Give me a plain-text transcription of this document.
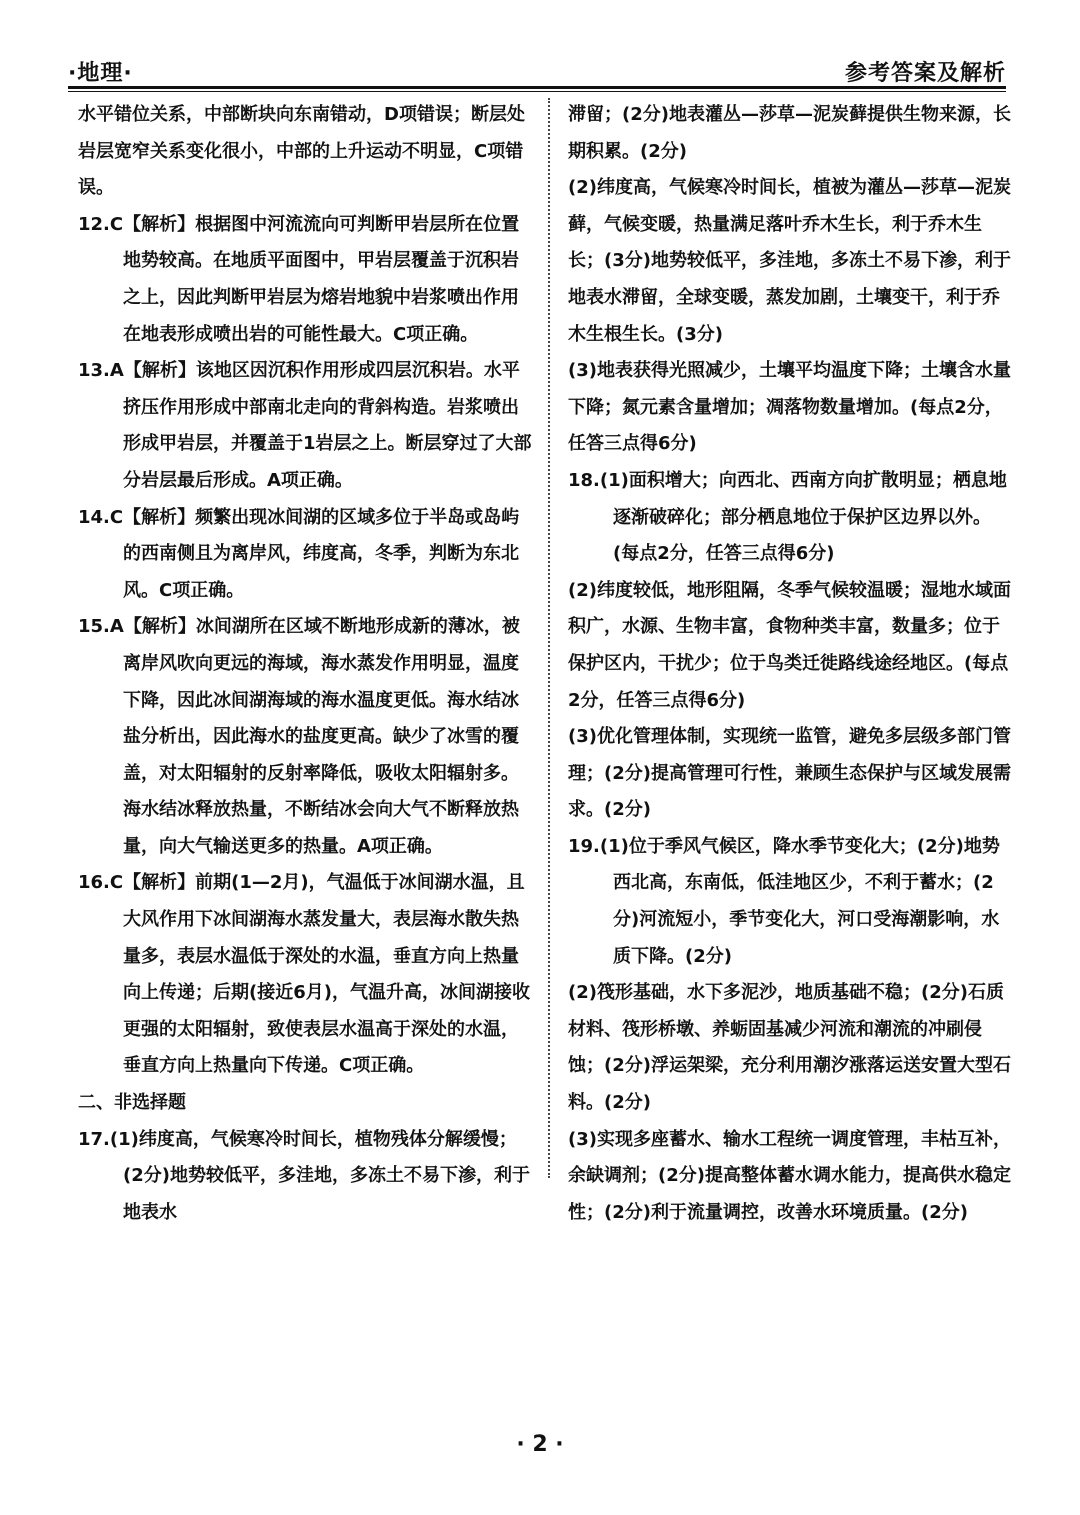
·地理·	参考答案及解析

水平错位关系，中部断块向东南错动，D项错误；断层处岩层宽窄关系变化很小，中部的上升运动不明显，C项错误。

12.C【解析】根据图中河流流向可判断甲岩层所在位置地势较高。在地质平面图中，甲岩层覆盖于沉积岩之上，因此判断甲岩层为熔岩地貌中岩浆喷出作用在地表形成喷出岩的可能性最大。C项正确。

13.A【解析】该地区因沉积作用形成四层沉积岩。水平挤压作用形成中部南北走向的背斜构造。岩浆喷出形成甲岩层，并覆盖于1岩层之上。断层穿过了大部分岩层最后形成。A项正确。

14.C【解析】频繁出现冰间湖的区域多位于半岛或岛屿的西南侧且为离岸风，纬度高，冬季，判断为东北风。C项正确。

15.A【解析】冰间湖所在区域不断地形成新的薄冰，被离岸风吹向更远的海域，海水蒸发作用明显，温度下降，因此冰间湖海域的海水温度更低。海水结冰盐分析出，因此海水的盐度更高。缺少了冰雪的覆盖，对太阳辐射的反射率降低，吸收太阳辐射多。海水结冰释放热量，不断结冰会向大气不断释放热量，向大气输送更多的热量。A项正确。

16.C【解析】前期(1—2月)，气温低于冰间湖水温，且大风作用下冰间湖海水蒸发量大，表层海水散失热量多，表层水温低于深处的水温，垂直方向上热量向上传递；后期(接近6月)，气温升高，冰间湖接收更强的太阳辐射，致使表层水温高于深处的水温，垂直方向上热量向下传递。C项正确。

二、非选择题

17.(1)纬度高，气候寒冷时间长，植物残体分解缓慢；(2分)地势较低平，多洼地，多冻土不易下渗，利于地表水

滞留；(2分)地表灌丛—莎草—泥炭藓提供生物来源，长期积累。(2分)

(2)纬度高，气候寒冷时间长，植被为灌丛—莎草—泥炭藓，气候变暖，热量满足落叶乔木生长，利于乔木生长；(3分)地势较低平，多洼地，多冻土不易下渗，利于地表水滞留，全球变暖，蒸发加剧，土壤变干，利于乔木生根生长。(3分)

(3)地表获得光照减少，土壤平均温度下降；土壤含水量下降；氮元素含量增加；凋落物数量增加。(每点2分，任答三点得6分)

18.(1)面积增大；向西北、西南方向扩散明显；栖息地逐渐破碎化；部分栖息地位于保护区边界以外。(每点2分，任答三点得6分)

(2)纬度较低，地形阻隔，冬季气候较温暖；湿地水域面积广，水源、生物丰富，食物种类丰富，数量多；位于保护区内，干扰少；位于鸟类迁徙路线途经地区。(每点2分，任答三点得6分)

(3)优化管理体制，实现统一监管，避免多层级多部门管理；(2分)提高管理可行性，兼顾生态保护与区域发展需求。(2分)

19.(1)位于季风气候区，降水季节变化大；(2分)地势西北高，东南低，低洼地区少，不利于蓄水；(2分)河流短小，季节变化大，河口受海潮影响，水质下降。(2分)

(2)筏形基础，水下多泥沙，地质基础不稳；(2分)石质材料、筏形桥墩、养蛎固基减少河流和潮流的冲刷侵蚀；(2分)浮运架梁，充分利用潮汐涨落运送安置大型石料。(2分)

(3)实现多座蓄水、输水工程统一调度管理，丰枯互补，余缺调剂；(2分)提高整体蓄水调水能力，提高供水稳定性；(2分)利于流量调控，改善水环境质量。(2分)

· 2 ·
